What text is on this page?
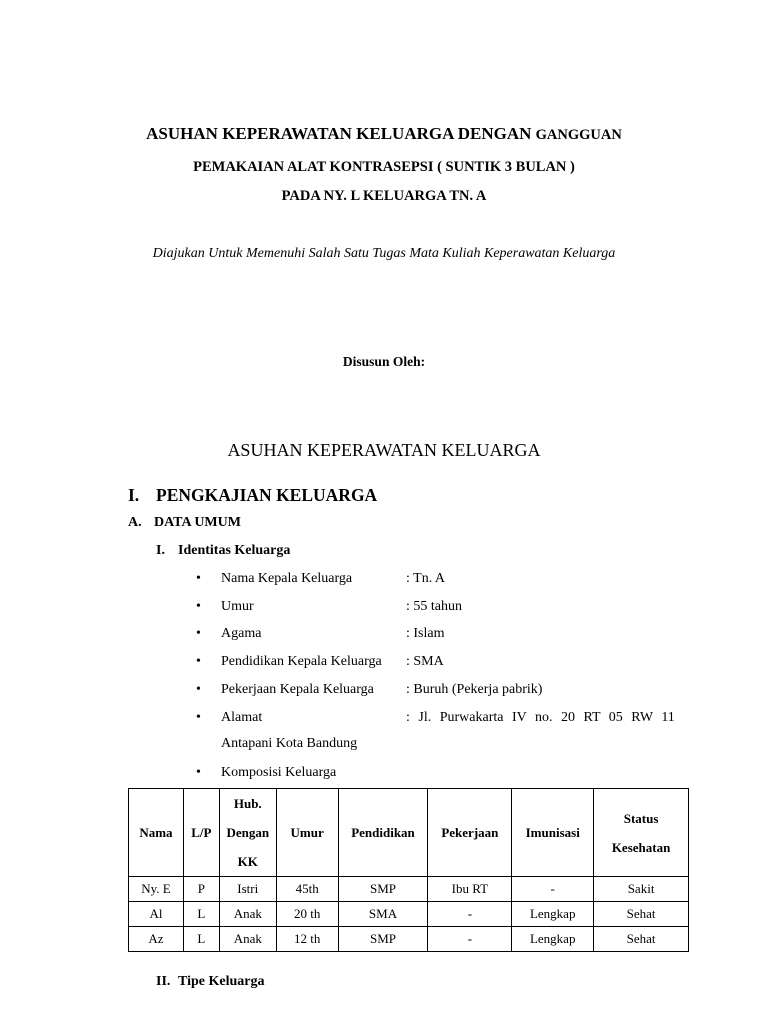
ASUHAN KEPERAWATAN KELUARGA DENGAN GANGGUAN
PEMAKAIAN ALAT KONTRASEPSI ( SUNTIK 3 BULAN )
PADA NY. L KELUARGA TN. A
Diajukan Untuk Memenuhi Salah Satu Tugas Mata Kuliah Keperawatan Keluarga
Disusun Oleh:
ASUHAN KEPERAWATAN KELUARGA
I. PENGKAJIAN KELUARGA
A. DATA UMUM
I. Identitas Keluarga
• Nama Kepala Keluarga	: Tn. A
• Umur	: 55 tahun
• Agama	: Islam
• Pendidikan Kepala Keluarga : SMA
• Pekerjaan Kepala Keluarga : Buruh (Pekerja pabrik)
• Alamat	: Jl. Purwakarta IV no. 20 RT 05 RW 11
Antapani Kota Bandung
• Komposisi Keluarga
Nama	L/P	Hub. Dengan KK	Umur	Pendidikan	Pekerjaan	Imunisasi	Status Kesehatan
Ny. E	P	Istri	45th	SMP	Ibu RT	-	Sakit
Al	L	Anak	20 th	SMA	-	Lengkap	Sehat
Az	L	Anak	12 th	SMP	-	Lengkap	Sehat
II. Tipe Keluarga
